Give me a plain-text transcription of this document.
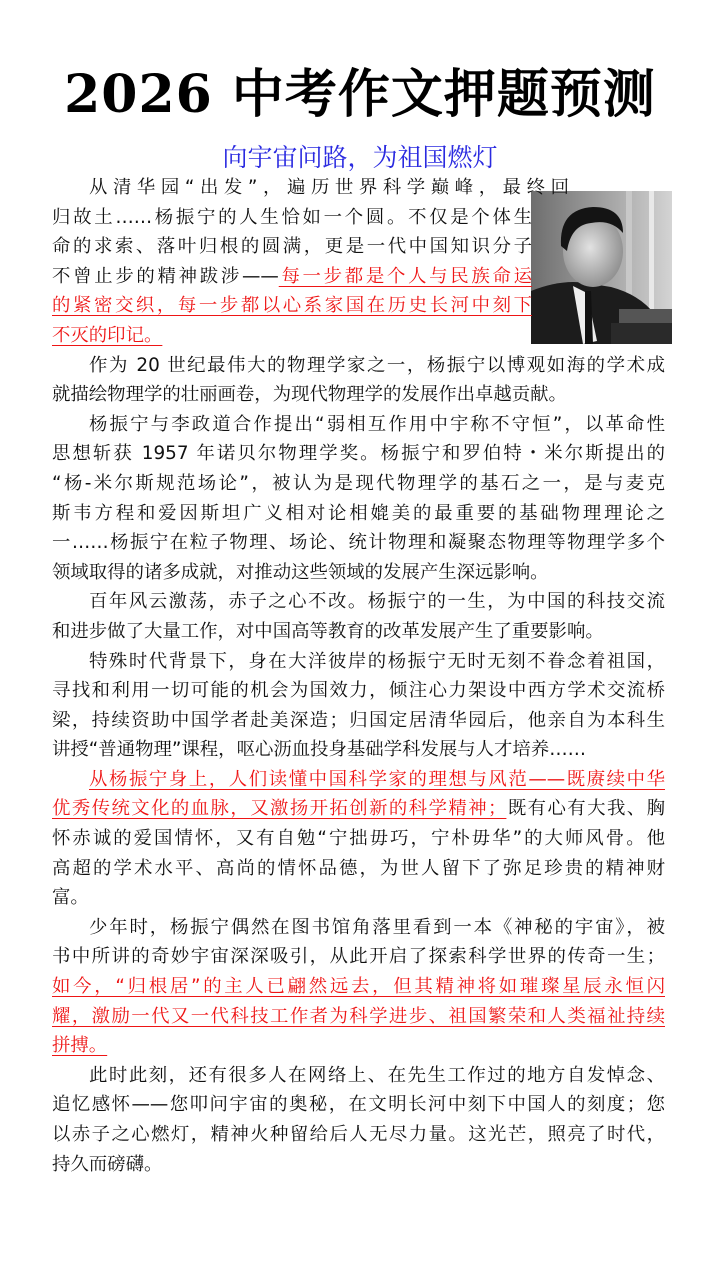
2026 中考作文押题预测
向宇宙问路，为祖国燃灯
从清华园“出发”，遍历世界科学巅峰，最终回
归故土……杨振宁的人生恰如一个圆。不仅是个体生
命的求索、落叶归根的圆满，更是一代中国知识分子
不曾止步的精神跋涉——每一步都是个人与民族命运
的紧密交织，每一步都以心系家国在历史长河中刻下
不灭的印记。
作为 20 世纪最伟大的物理学家之一，杨振宁以博观如海的学术成
就描绘物理学的壮丽画卷，为现代物理学的发展作出卓越贡献。
杨振宁与李政道合作提出“弱相互作用中宇称不守恒”，以革命性
思想斩获 1957 年诺贝尔物理学奖。杨振宁和罗伯特・米尔斯提出的
“杨-米尔斯规范场论”，被认为是现代物理学的基石之一，是与麦克
斯韦方程和爱因斯坦广义相对论相媲美的最重要的基础物理理论之
一……杨振宁在粒子物理、场论、统计物理和凝聚态物理等物理学多个
领域取得的诸多成就，对推动这些领域的发展产生深远影响。
百年风云激荡，赤子之心不改。杨振宁的一生，为中国的科技交流
和进步做了大量工作，对中国高等教育的改革发展产生了重要影响。
特殊时代背景下，身在大洋彼岸的杨振宁无时无刻不眷念着祖国，
寻找和利用一切可能的机会为国效力，倾注心力架设中西方学术交流桥
梁，持续资助中国学者赴美深造；归国定居清华园后，他亲自为本科生
讲授“普通物理”课程，呕心沥血投身基础学科发展与人才培养……
从杨振宁身上，人们读懂中国科学家的理想与风范——既赓续中华
优秀传统文化的血脉，又激扬开拓创新的科学精神；既有心有大我、胸
怀赤诚的爱国情怀，又有自勉“宁拙毋巧，宁朴毋华”的大师风骨。他
高超的学术水平、高尚的情怀品德，为世人留下了弥足珍贵的精神财
富。
少年时，杨振宁偶然在图书馆角落里看到一本《神秘的宇宙》，被
书中所讲的奇妙宇宙深深吸引，从此开启了探索科学世界的传奇一生；
如今，“归根居”的主人已翩然远去，但其精神将如璀璨星辰永恒闪
耀，激励一代又一代科技工作者为科学进步、祖国繁荣和人类福祉持续
拼搏。
此时此刻，还有很多人在网络上、在先生工作过的地方自发悼念、
追忆感怀——您叩问宇宙的奥秘，在文明长河中刻下中国人的刻度；您
以赤子之心燃灯，精神火种留给后人无尽力量。这光芒，照亮了时代，
持久而磅礴。
